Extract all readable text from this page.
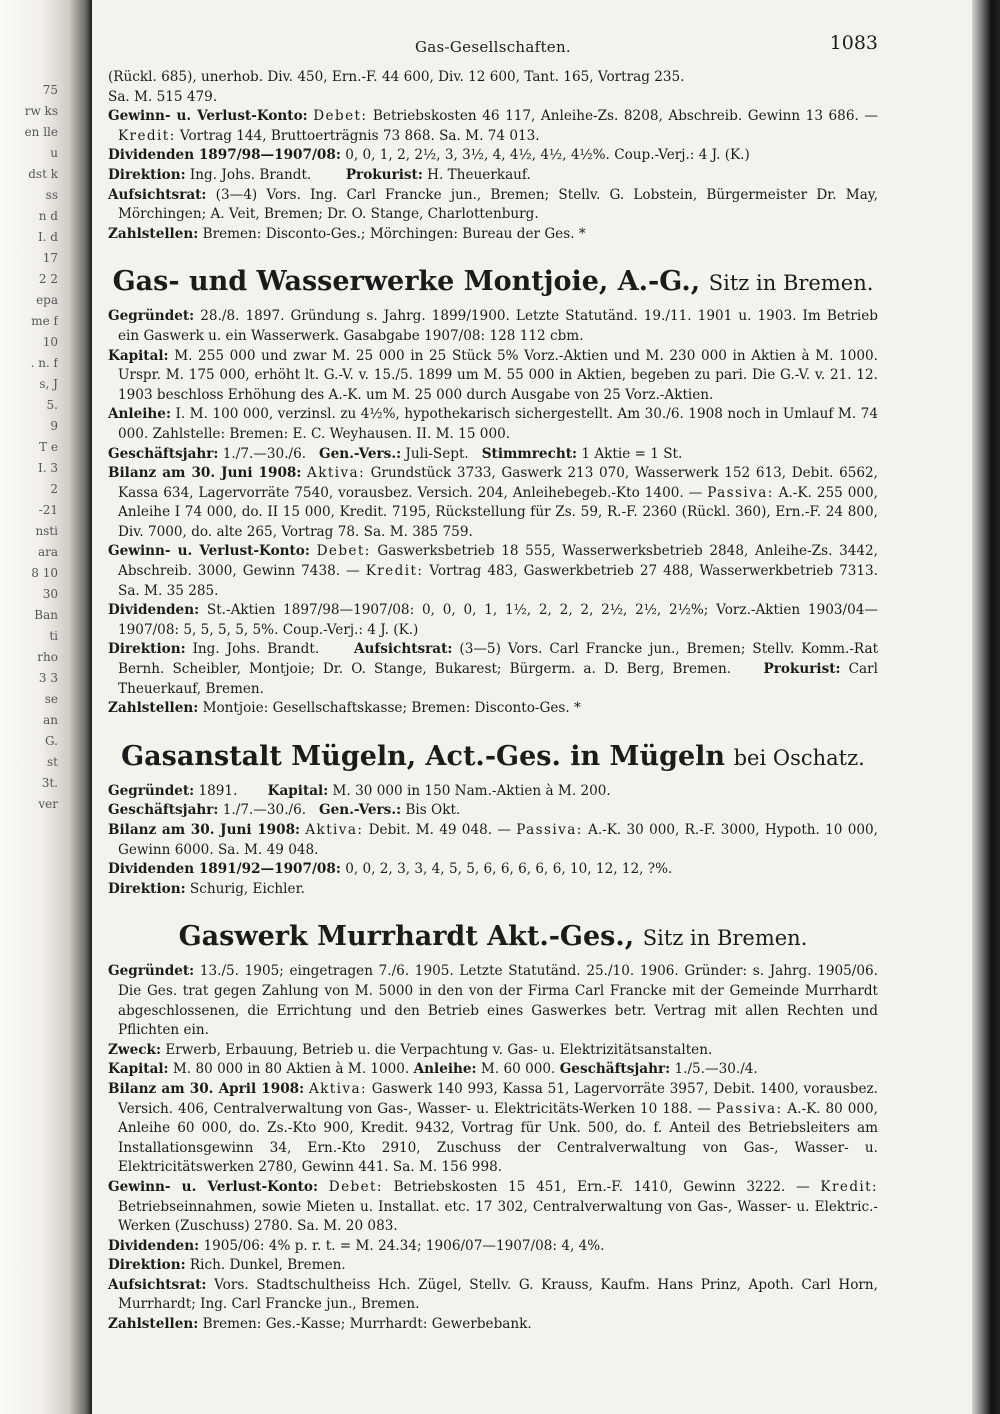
75
rw ks
en lle
u
dst k
ss
n d
I. d
17
2 2
epa
me f
10
. n. f
s, J
5.
9
T e
I. 3
2
-21
nsti
ara
8 10
30
Ban
ti
rho
3 3
se
an
G.
st
3t.
ver
Gas-Gesellschaften.	1083

(Rückl. 685), unerhob. Div. 450, Ern.-F. 44 600, Div. 12 600, Tant. 165, Vortrag 235.

Sa. M. 515 479.

Gewinn- u. Verlust-Konto: Debet: Betriebskosten 46 117, Anleihe-Zs. 8208, Abschreib. Gewinn 13 686. — Kredit: Vortrag 144, Bruttoerträgnis 73 868. Sa. M. 74 013.

Dividenden 1897/98—1907/08: 0, 0, 1, 2, 2½, 3, 3½, 4, 4½, 4½, 4½%. Coup.-Verj.: 4 J. (K.)

Direktion: Ing. Johs. Brandt.	Prokurist: H. Theuerkauf.

Aufsichtsrat: (3—4) Vors. Ing. Carl Francke jun., Bremen; Stellv. G. Lobstein, Bürgermeister Dr. May, Mörchingen; A. Veit, Bremen; Dr. O. Stange, Charlottenburg.

Zahlstellen: Bremen: Disconto-Ges.; Mörchingen: Bureau der Ges. *

Gas- und Wasserwerke Montjoie, A.-G., Sitz in Bremen.

Gegründet: 28./8. 1897. Gründung s. Jahrg. 1899/1900. Letzte Statutänd. 19./11. 1901 u. 1903. Im Betrieb ein Gaswerk u. ein Wasserwerk. Gasabgabe 1907/08: 128 112 cbm.

Kapital: M. 255 000 und zwar M. 25 000 in 25 Stück 5% Vorz.-Aktien und M. 230 000 in Aktien à M. 1000. Urspr. M. 175 000, erhöht lt. G.-V. v. 15./5. 1899 um M. 55 000 in Aktien, begeben zu pari. Die G.-V. v. 21. 12. 1903 beschloss Erhöhung des A.-K. um M. 25 000 durch Ausgabe von 25 Vorz.-Aktien.

Anleihe: I. M. 100 000, verzinsl. zu 4½%, hypothekarisch sichergestellt. Am 30./6. 1908 noch in Umlauf M. 74 000. Zahlstelle: Bremen: E. C. Weyhausen. II. M. 15 000.

Geschäftsjahr: 1./7.—30./6. Gen.-Vers.: Juli-Sept. Stimmrecht: 1 Aktie = 1 St.

Bilanz am 30. Juni 1908: Aktiva: Grundstück 3733, Gaswerk 213 070, Wasserwerk 152 613, Debit. 6562, Kassa 634, Lagervorräte 7540, vorausbez. Versich. 204, Anleihebegeb.-Kto 1400. — Passiva: A.-K. 255 000, Anleihe I 74 000, do. II 15 000, Kredit. 7195, Rückstellung für Zs. 59, R.-F. 2360 (Rückl. 360), Ern.-F. 24 800, Div. 7000, do. alte 265, Vortrag 78. Sa. M. 385 759.

Gewinn- u. Verlust-Konto: Debet: Gaswerksbetrieb 18 555, Wasserwerksbetrieb 2848, Anleihe-Zs. 3442, Abschreib. 3000, Gewinn 7438. — Kredit: Vortrag 483, Gaswerkbetrieb 27 488, Wasserwerkbetrieb 7313. Sa. M. 35 285.

Dividenden: St.-Aktien 1897/98—1907/08: 0, 0, 0, 1, 1½, 2, 2, 2, 2½, 2½, 2½%; Vorz.-Aktien 1903/04—1907/08: 5, 5, 5, 5, 5%. Coup.-Verj.: 4 J. (K.)

Direktion: Ing. Johs. Brandt.	Aufsichtsrat: (3—5) Vors. Carl Francke jun., Bremen; Stellv. Komm.-Rat Bernh. Scheibler, Montjoie; Dr. O. Stange, Bukarest; Bürgerm. a. D. Berg, Bremen. Prokurist: Carl Theuerkauf, Bremen.

Zahlstellen: Montjoie: Gesellschaftskasse; Bremen: Disconto-Ges. *

Gasanstalt Mügeln, Act.-Ges. in Mügeln bei Oschatz.

Gegründet: 1891. Kapital: M. 30 000 in 150 Nam.-Aktien à M. 200.

Geschäftsjahr: 1./7.—30./6. Gen.-Vers.: Bis Okt.

Bilanz am 30. Juni 1908: Aktiva: Debit. M. 49 048. — Passiva: A.-K. 30 000, R.-F. 3000, Hypoth. 10 000, Gewinn 6000. Sa. M. 49 048.

Dividenden 1891/92—1907/08: 0, 0, 2, 3, 3, 4, 5, 5, 6, 6, 6, 6, 6, 10, 12, 12, ?%.

Direktion: Schurig, Eichler.

Gaswerk Murrhardt Akt.-Ges., Sitz in Bremen.

Gegründet: 13./5. 1905; eingetragen 7./6. 1905. Letzte Statutänd. 25./10. 1906. Gründer: s. Jahrg. 1905/06. Die Ges. trat gegen Zahlung von M. 5000 in den von der Firma Carl Francke mit der Gemeinde Murrhardt abgeschlossenen, die Errichtung und den Betrieb eines Gaswerkes betr. Vertrag mit allen Rechten und Pflichten ein.

Zweck: Erwerb, Erbauung, Betrieb u. die Verpachtung v. Gas- u. Elektrizitätsanstalten.

Kapital: M. 80 000 in 80 Aktien à M. 1000. Anleihe: M. 60 000. Geschäftsjahr: 1./5.—30./4.

Bilanz am 30. April 1908: Aktiva: Gaswerk 140 993, Kassa 51, Lagervorräte 3957, Debit. 1400, vorausbez. Versich. 406, Centralverwaltung von Gas-, Wasser- u. Elektricitäts-Werken 10 188. — Passiva: A.-K. 80 000, Anleihe 60 000, do. Zs.-Kto 900, Kredit. 9432, Vortrag für Unk. 500, do. f. Anteil des Betriebsleiters am Installationsgewinn 34, Ern.-Kto 2910, Zuschuss der Centralverwaltung von Gas-, Wasser- u. Elektricitätswerken 2780, Gewinn 441. Sa. M. 156 998.

Gewinn- u. Verlust-Konto: Debet: Betriebskosten 15 451, Ern.-F. 1410, Gewinn 3222. — Kredit: Betriebseinnahmen, sowie Mieten u. Installat. etc. 17 302, Centralverwaltung von Gas-, Wasser- u. Elektric.-Werken (Zuschuss) 2780. Sa. M. 20 083.

Dividenden: 1905/06: 4% p. r. t. = M. 24.34; 1906/07—1907/08: 4, 4%.

Direktion: Rich. Dunkel, Bremen.

Aufsichtsrat: Vors. Stadtschultheiss Hch. Zügel, Stellv. G. Krauss, Kaufm. Hans Prinz, Apoth. Carl Horn, Murrhardt; Ing. Carl Francke jun., Bremen.

Zahlstellen: Bremen: Ges.-Kasse; Murrhardt: Gewerbebank.
